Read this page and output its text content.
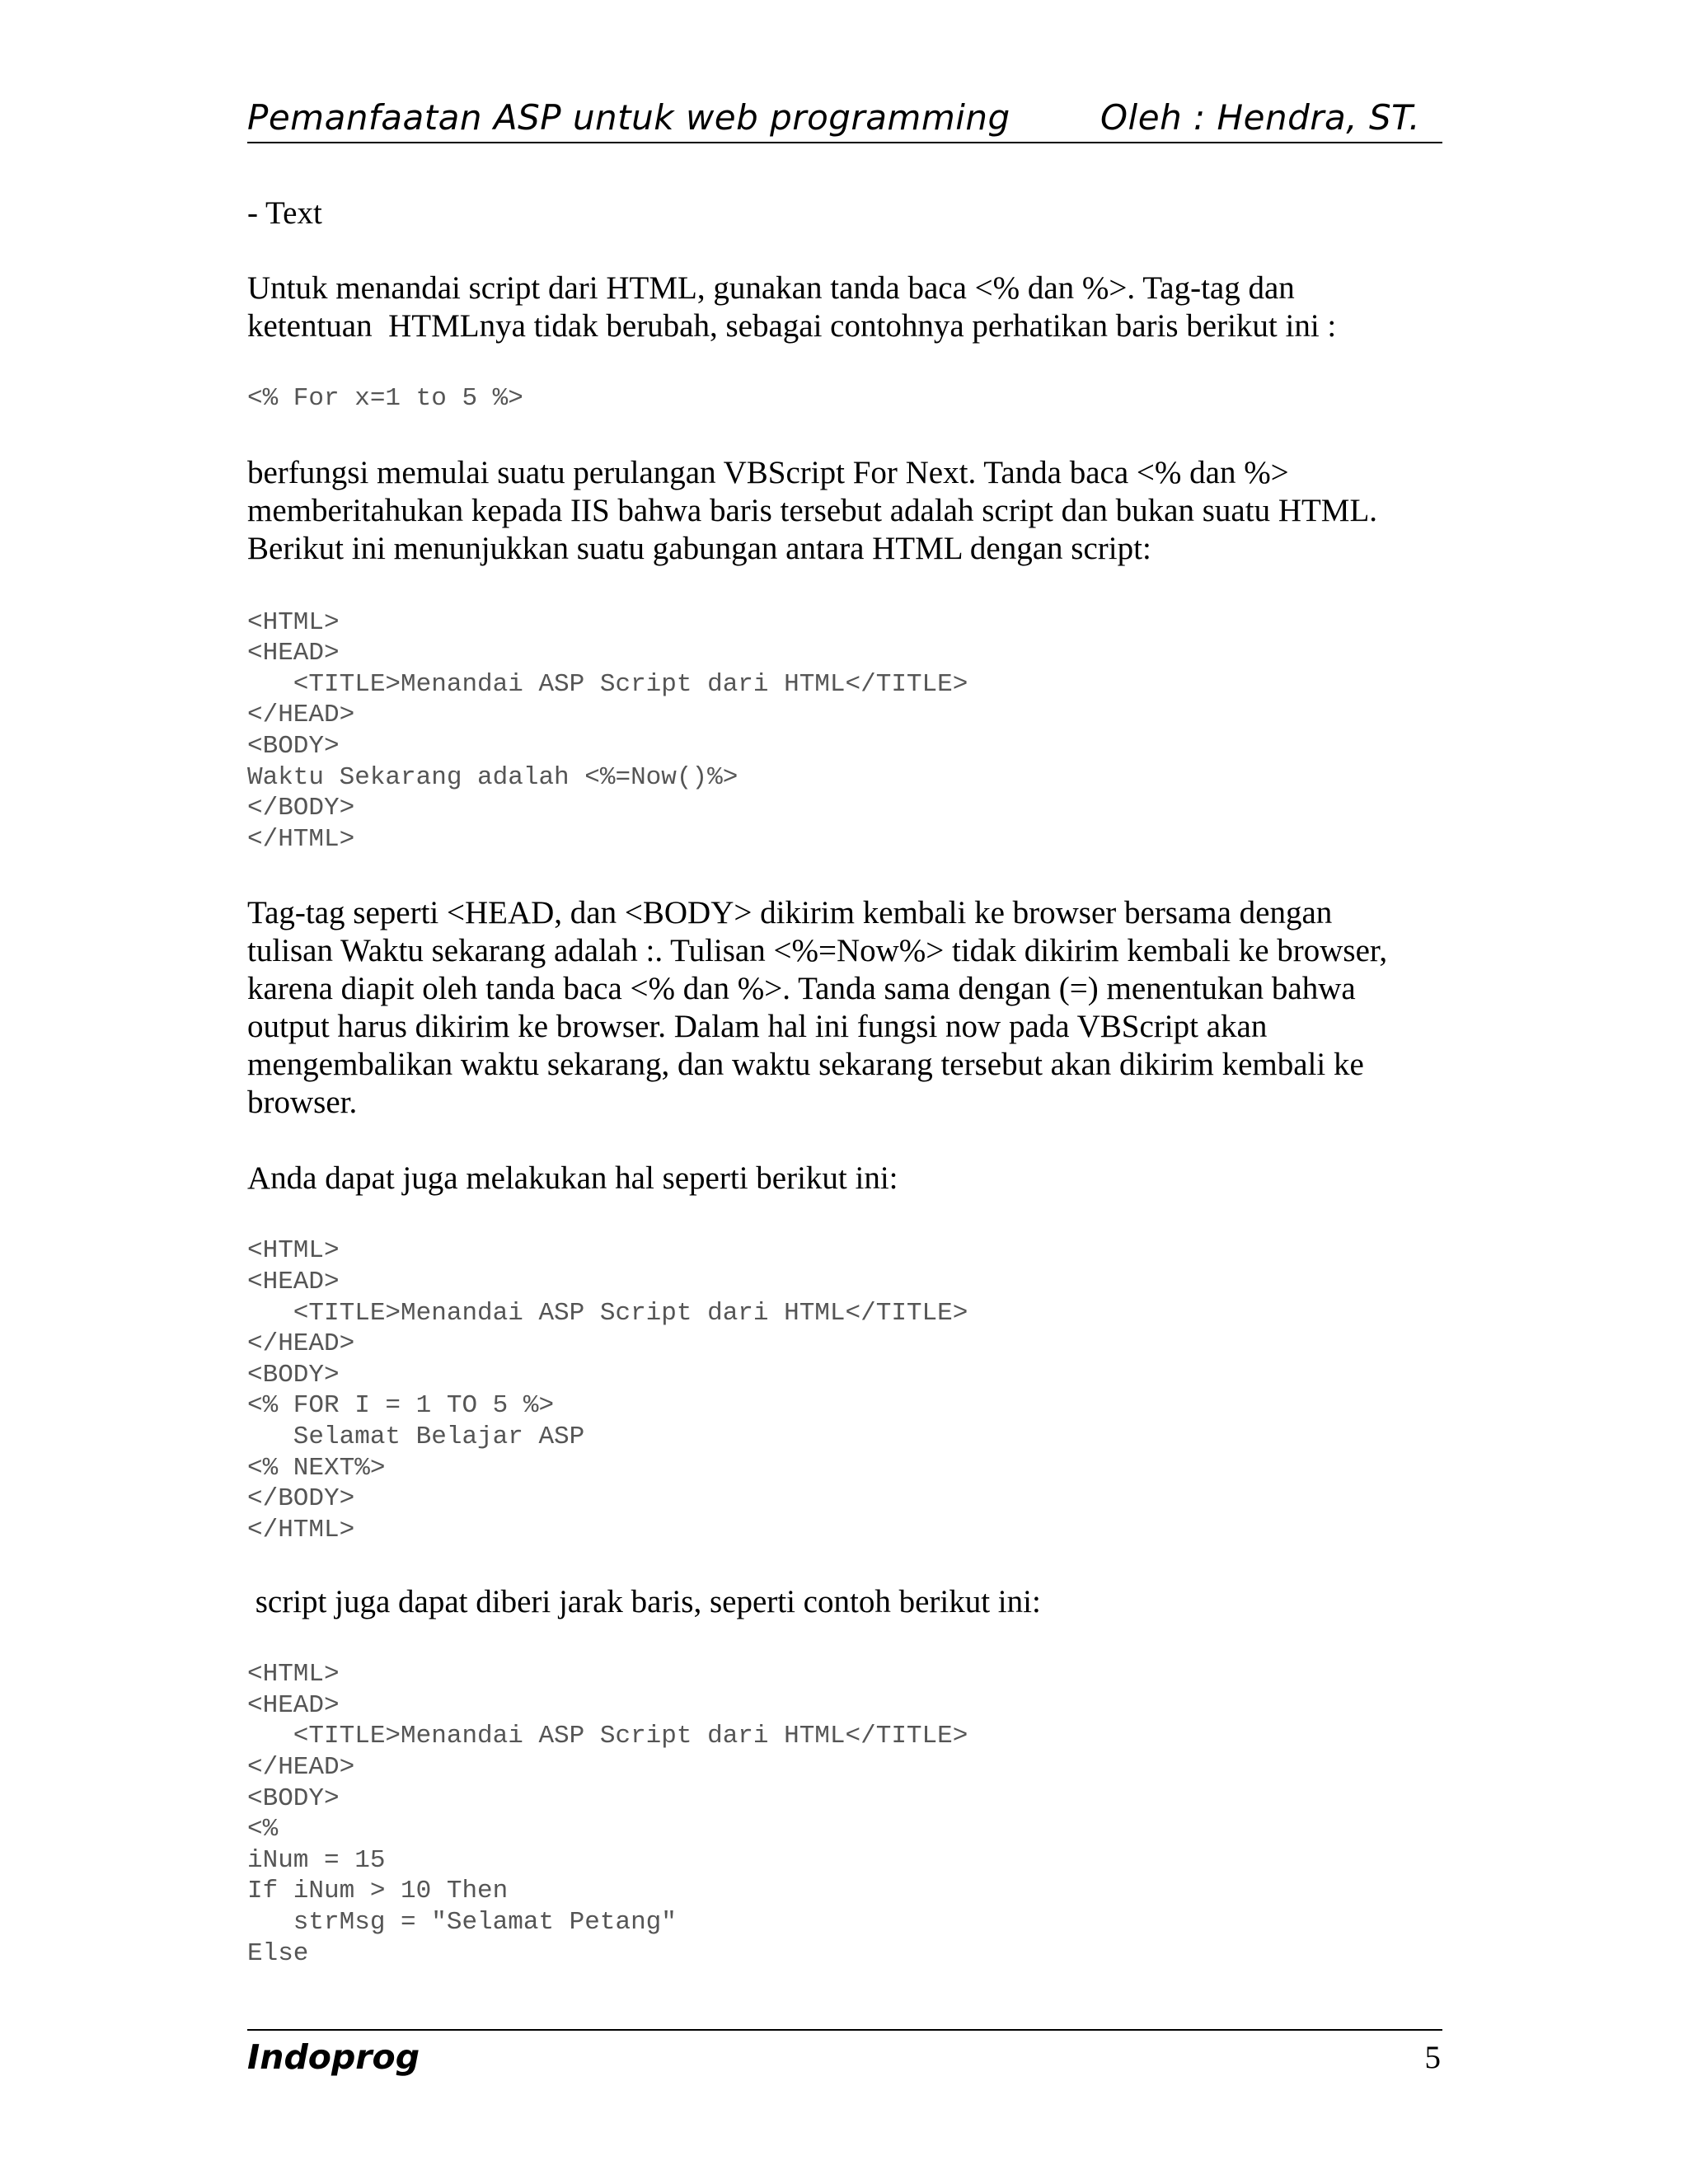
Pemanfaatan ASP untuk web programming	Oleh : Hendra, ST.

- Text

Untuk menandai script dari HTML, gunakan tanda baca <% dan %>. Tag-tag dan
ketentuan  HTMLnya tidak berubah, sebagai contohnya perhatikan baris berikut ini :

<% For x=1 to 5 %>

berfungsi memulai suatu perulangan VBScript For Next. Tanda baca <% dan %>
memberitahukan kepada IIS bahwa baris tersebut adalah script dan bukan suatu HTML.
Berikut ini menunjukkan suatu gabungan antara HTML dengan script:

<HTML>
<HEAD>
<TITLE>Menandai ASP Script dari HTML</TITLE>
</HEAD>
<BODY>
Waktu Sekarang adalah <%=Now()%>
</BODY>
</HTML>

Tag-tag seperti <HEAD, dan <BODY> dikirim kembali ke browser bersama dengan
tulisan Waktu sekarang adalah :. Tulisan <%=Now%> tidak dikirim kembali ke browser,
karena diapit oleh tanda baca <% dan %>. Tanda sama dengan (=) menentukan bahwa
output harus dikirim ke browser. Dalam hal ini fungsi now pada VBScript akan
mengembalikan waktu sekarang, dan waktu sekarang tersebut akan dikirim kembali ke
browser.

Anda dapat juga melakukan hal seperti berikut ini:

<HTML>
<HEAD>
<TITLE>Menandai ASP Script dari HTML</TITLE>
</HEAD>
<BODY>
<% FOR I = 1 TO 5 %>
Selamat Belajar ASP
<% NEXT%>
</BODY>
</HTML>

script juga dapat diberi jarak baris, seperti contoh berikut ini:

<HTML>
<HEAD>
<TITLE>Menandai ASP Script dari HTML</TITLE>
</HEAD>
<BODY>
<%
iNum = 15
If iNum > 10 Then
strMsg = "Selamat Petang"
Else
Indoprog	5
